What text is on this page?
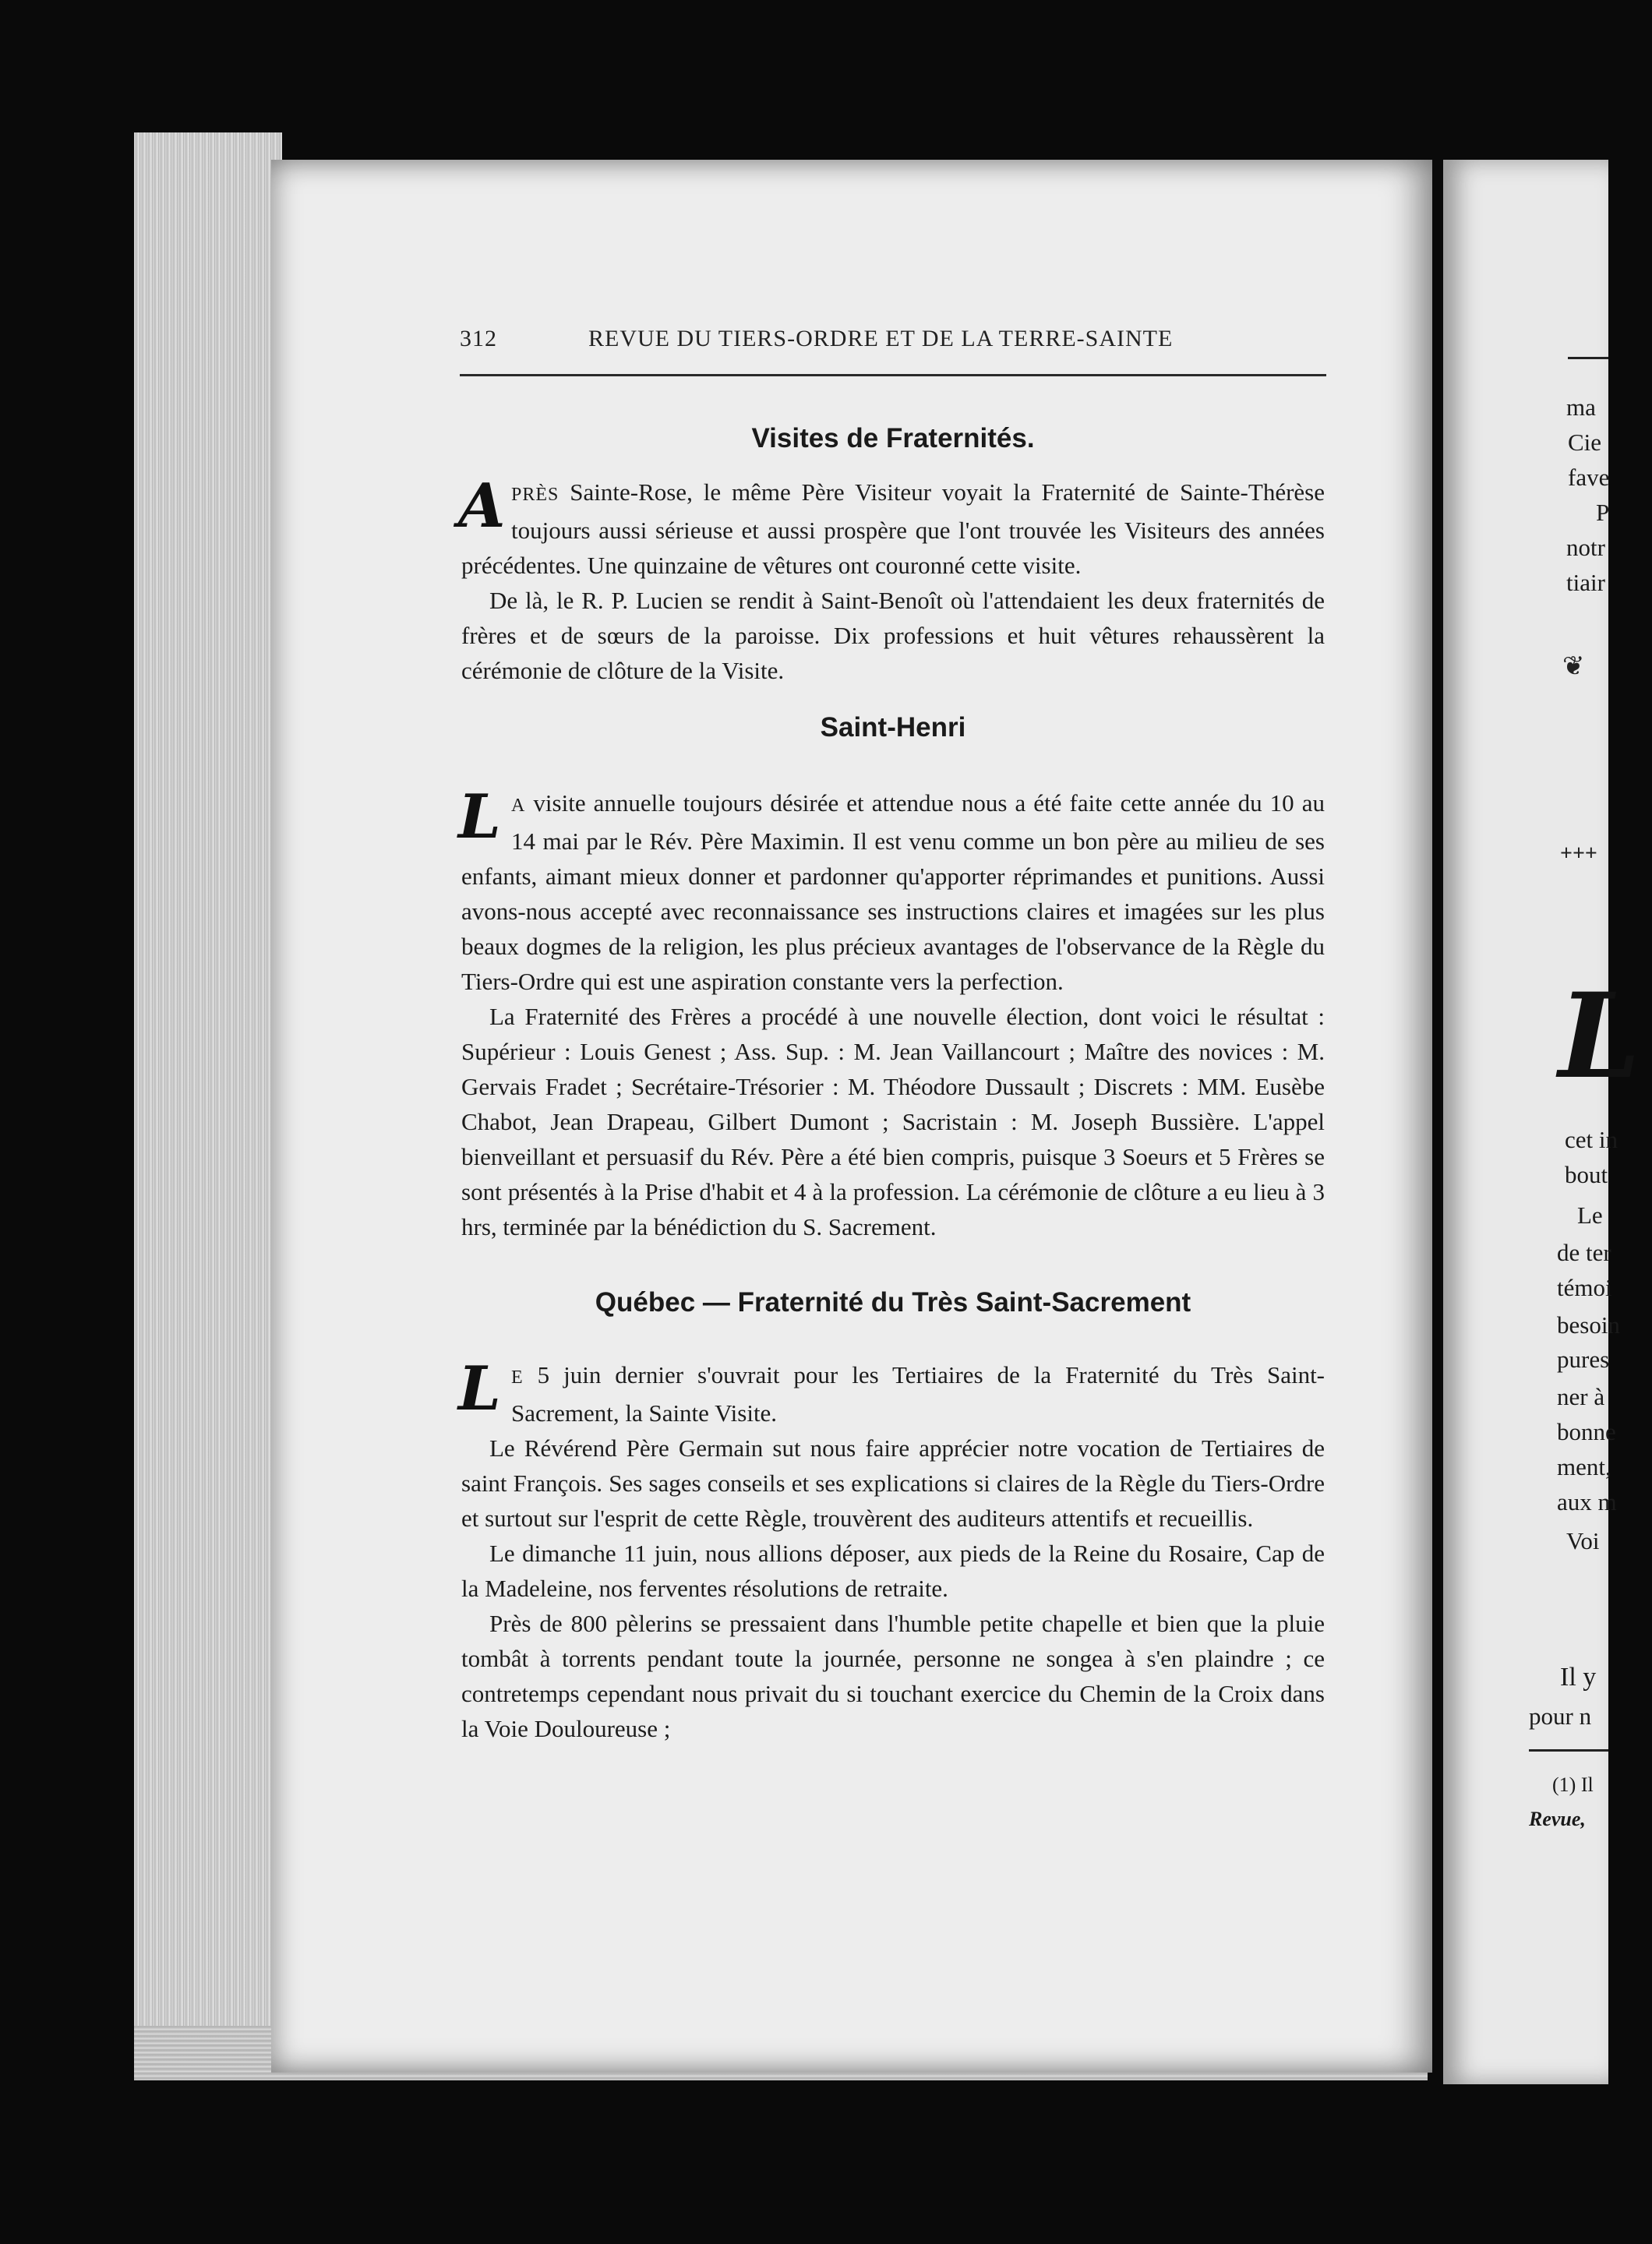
312	REVUE DU TIERS-ORDRE ET DE LA TERRE-SAINTE
Visites de Fraternités.

APRÈS Sainte-Rose, le même Père Visiteur voyait la Fraternité de Sainte-Thérèse toujours aussi sérieuse et aussi prospère que l'ont trouvée les Visiteurs des années précédentes. Une quinzaine de vêtures ont couronné cette visite.

De là, le R. P. Lucien se rendit à Saint-Benoît où l'attendaient les deux fraternités de frères et de sœurs de la paroisse. Dix professions et huit vêtures rehaussèrent la cérémonie de clôture de la Visite.

Saint-Henri

L A visite annuelle toujours désirée et attendue nous a été faite cette année du 10 au 14 mai par le Rév. Père Maximin. Il est venu comme un bon père au milieu de ses enfants, aimant mieux donner et pardonner qu'apporter réprimandes et punitions. Aussi avons-nous accepté avec reconnaissance ses instructions claires et imagées sur les plus beaux dogmes de la religion, les plus précieux avantages de l'observance de la Règle du Tiers-Ordre qui est une aspiration constante vers la perfection.

La Fraternité des Frères a procédé à une nouvelle élection, dont voici le résultat : Supérieur : Louis Genest ; Ass. Sup. : M. Jean Vaillancourt ; Maître des novices : M. Gervais Fradet ; Secrétaire-Trésorier : M. Théodore Dussault ; Discrets : MM. Eusèbe Chabot, Jean Drapeau, Gilbert Dumont ; Sacristain : M. Joseph Bussière. L'appel bienveillant et persuasif du Rév. Père a été bien compris, puisque 3 Soeurs et 5 Frères se sont présentés à la Prise d'habit et 4 à la profession. La cérémonie de clôture a eu lieu à 3 hrs, terminée par la bénédiction du S. Sacrement.

Québec — Fraternité du Très Saint-Sacrement

L E 5 juin dernier s'ouvrait pour les Tertiaires de la Fraternité du Très Saint-Sacrement, la Sainte Visite.

Le Révérend Père Germain sut nous faire apprécier notre vocation de Tertiaires de saint François. Ses sages conseils et ses explications si claires de la Règle du Tiers-Ordre et surtout sur l'esprit de cette Règle, trouvèrent des auditeurs attentifs et recueillis.

Le dimanche 11 juin, nous allions déposer, aux pieds de la Reine du Rosaire, Cap de la Madeleine, nos ferventes résolutions de retraite.

Près de 800 pèlerins se pressaient dans l'humble petite chapelle et bien que la pluie tombât à torrents pendant toute la journée, personne ne songea à s'en plaindre ; ce contretemps cependant nous privait du si touchant exercice du Chemin de la Croix dans la Voie Douloureuse ;

ma
Cie
fave
P
notr
tiair
❦
+++
L
cet in
bout
Le
de ter
témoi
besoin
pures
ner à
bonne
ment,
aux m
Voi
Il y
pour n
(1) Il
Revue,
